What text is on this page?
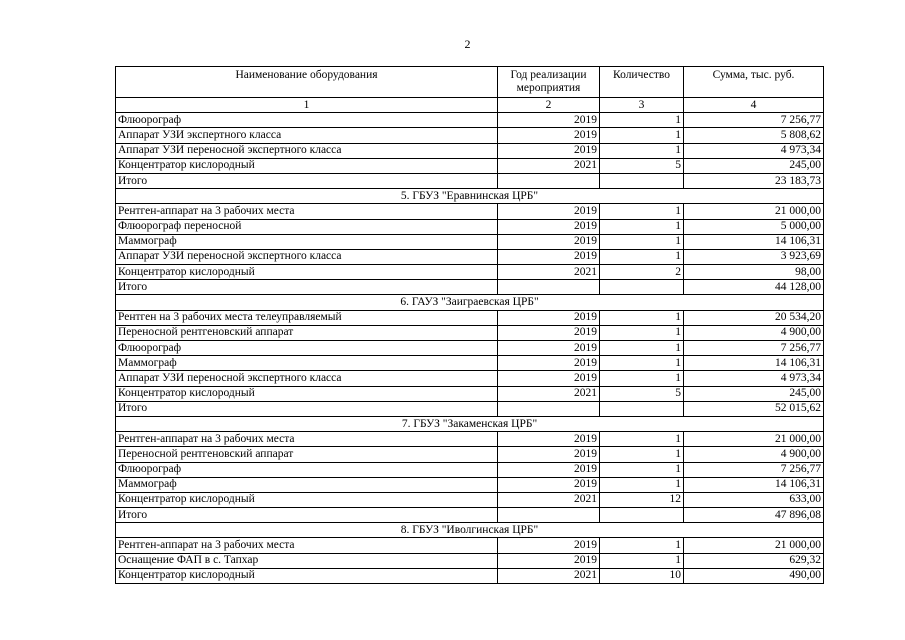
2
Наименование оборудования	Год реализации мероприятия	Количество	Сумма, тыс. руб.
1	2	3	4
Флюорограф	2019	1	7 256,77
Аппарат УЗИ экспертного класса	2019	1	5 808,62
Аппарат УЗИ переносной экспертного класса	2019	1	4 973,34
Концентратор кислородный	2021	5	245,00
Итого			23 183,73
5. ГБУЗ "Еравнинская ЦРБ"			
Рентген-аппарат на 3 рабочих места	2019	1	21 000,00
Флюорограф переносной	2019	1	5 000,00
Маммограф	2019	1	14 106,31
Аппарат УЗИ переносной экспертного класса	2019	1	3 923,69
Концентратор кислородный	2021	2	98,00
Итого			44 128,00
6. ГАУЗ "Заиграевская ЦРБ"			
Рентген на 3 рабочих места телеуправляемый	2019	1	20 534,20
Переносной рентгеновский аппарат	2019	1	4 900,00
Флюорограф	2019	1	7 256,77
Маммограф	2019	1	14 106,31
Аппарат УЗИ переносной экспертного класса	2019	1	4 973,34
Концентратор кислородный	2021	5	245,00
Итого			52 015,62
7. ГБУЗ "Закаменская ЦРБ"			
Рентген-аппарат на 3 рабочих места	2019	1	21 000,00
Переносной рентгеновский аппарат	2019	1	4 900,00
Флюорограф	2019	1	7 256,77
Маммограф	2019	1	14 106,31
Концентратор кислородный	2021	12	633,00
Итого			47 896,08
8. ГБУЗ "Иволгинская ЦРБ"			
Рентген-аппарат на 3 рабочих места	2019	1	21 000,00
Оснащение ФАП в с. Тапхар	2019	1	629,32
Концентратор кислородный	2021	10	490,00
